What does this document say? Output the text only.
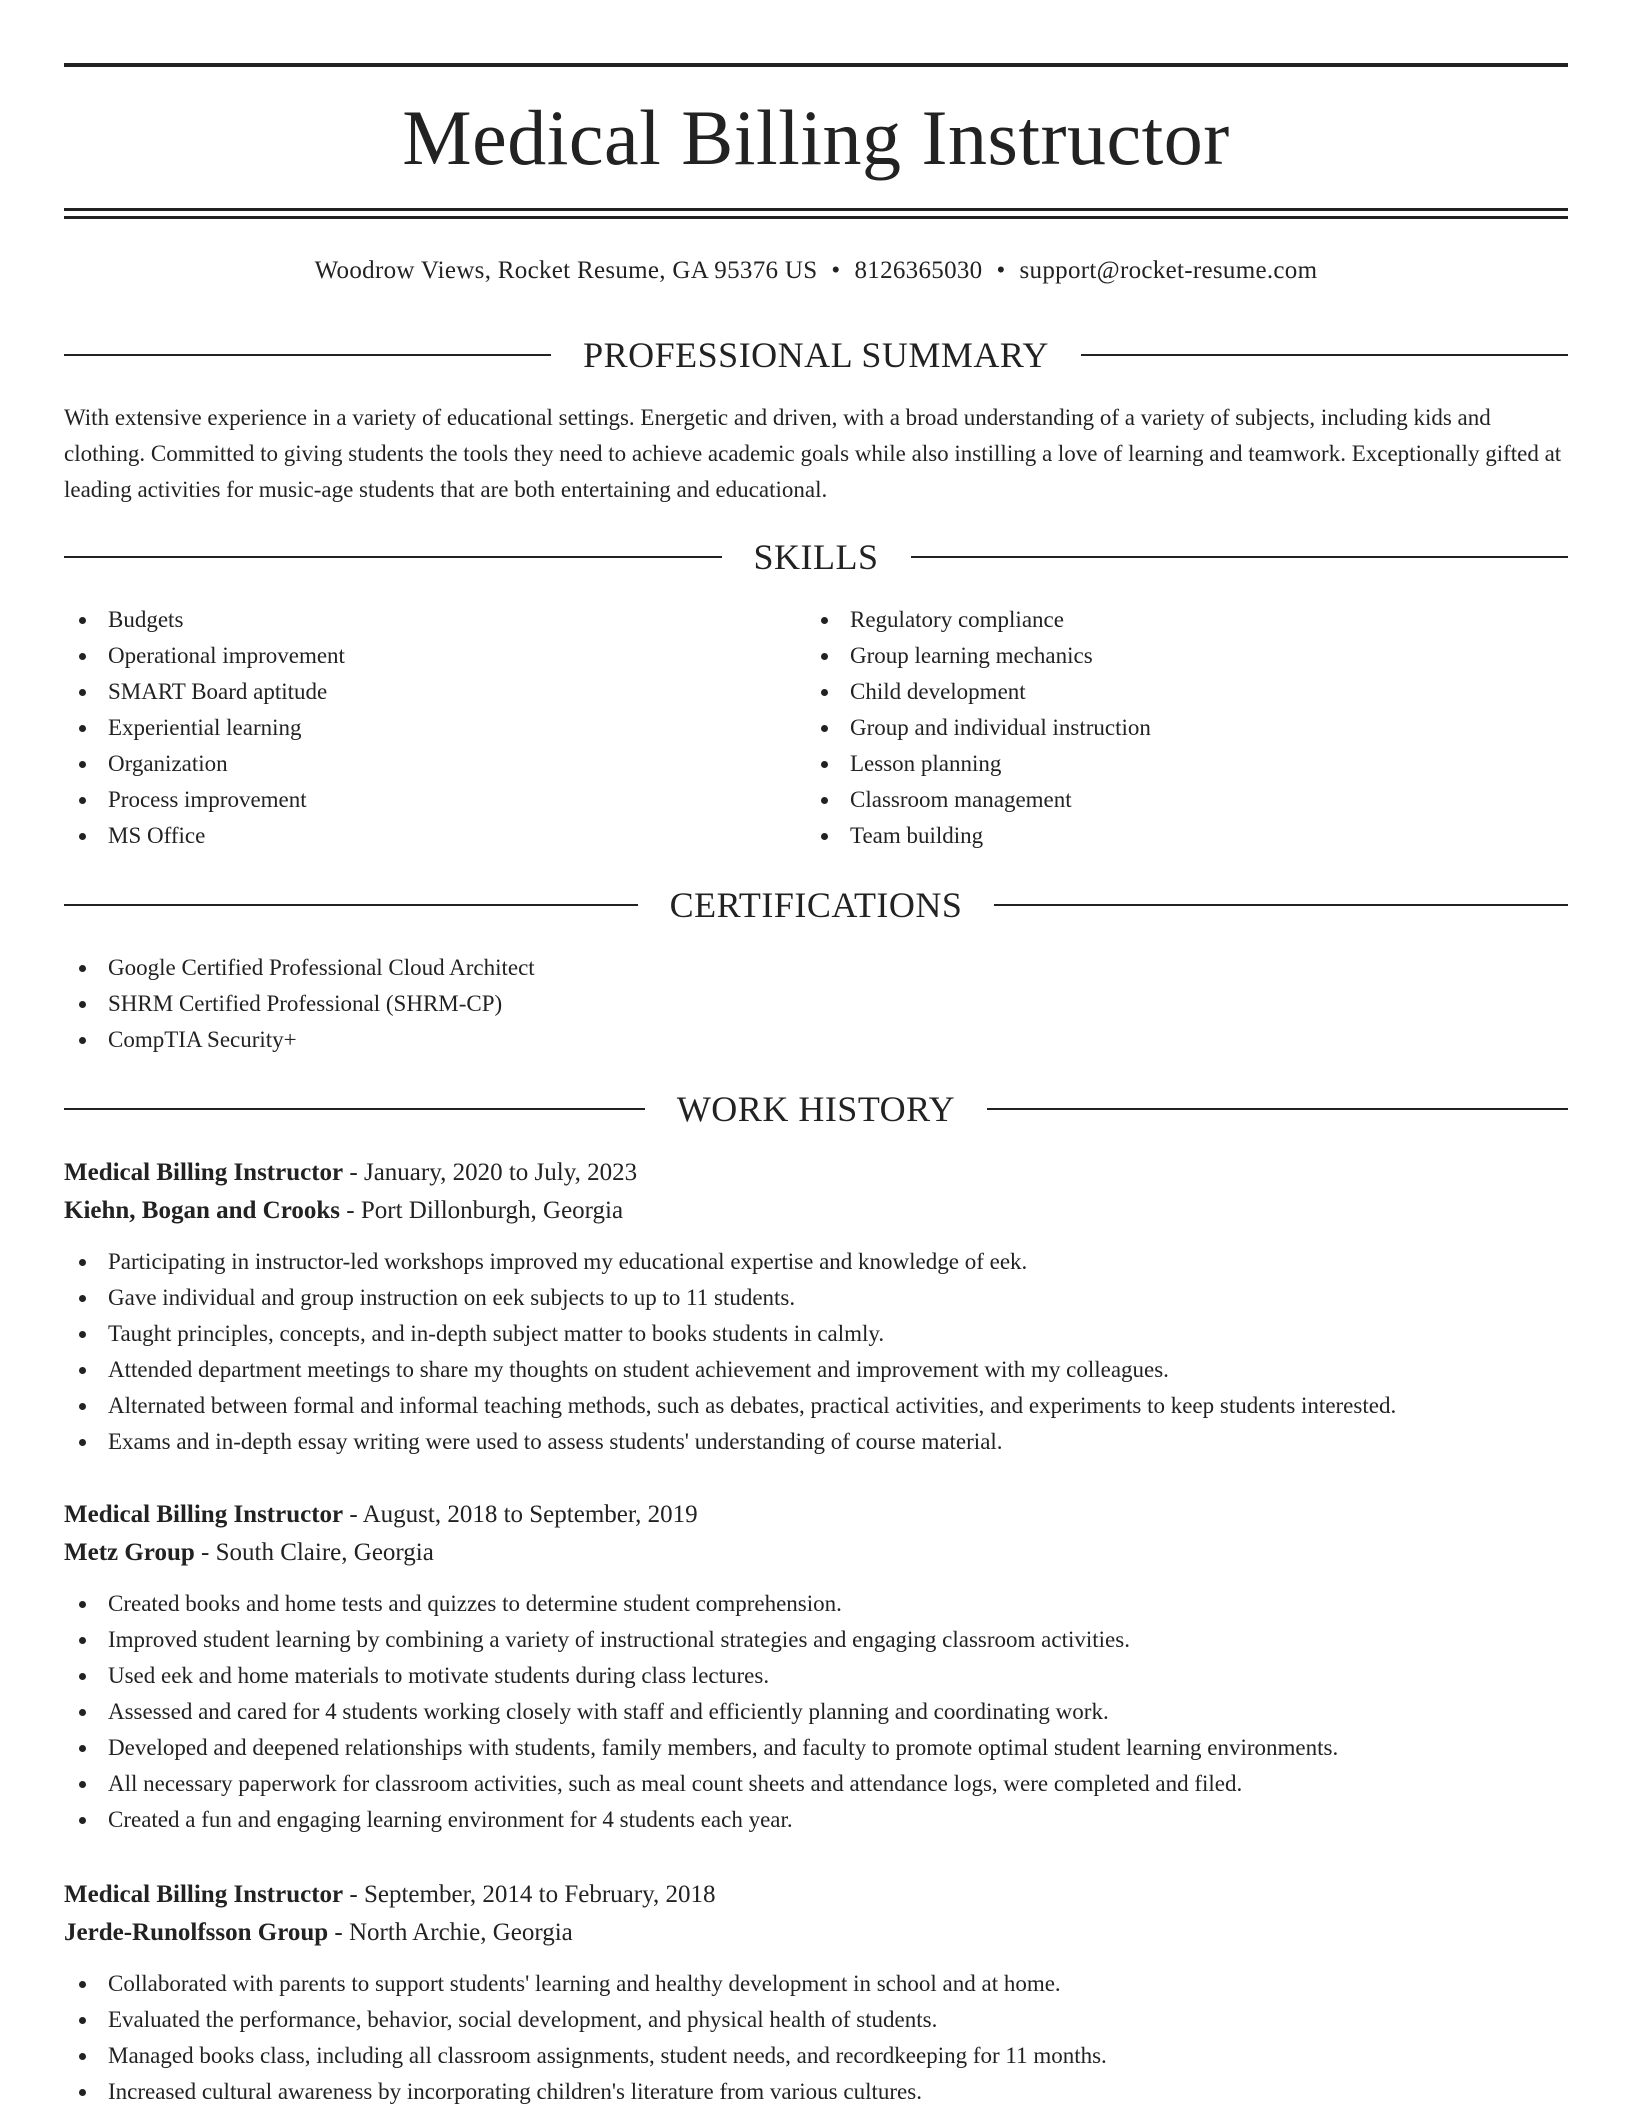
Medical Billing Instructor
Woodrow Views, Rocket Resume, GA 95376 US • 8126365030 • support@rocket-resume.com
PROFESSIONAL SUMMARY

With extensive experience in a variety of educational settings. Energetic and driven, with a broad understanding of a variety of subjects, including kids and clothing. Committed to giving students the tools they need to achieve academic goals while also instilling a love of learning and teamwork. Exceptionally gifted at leading activities for music-age students that are both entertaining and educational.

SKILLS
Budgets
Operational improvement
SMART Board aptitude
Experiential learning
Organization
Process improvement
MS Office
Regulatory compliance
Group learning mechanics
Child development
Group and individual instruction
Lesson planning
Classroom management
Team building
CERTIFICATIONS
Google Certified Professional Cloud Architect
SHRM Certified Professional (SHRM-CP)
CompTIA Security+
WORK HISTORY

Medical Billing Instructor - January, 2020 to July, 2023

Kiehn, Bogan and Crooks - Port Dillonburgh, Georgia

Participating in instructor-led workshops improved my educational expertise and knowledge of eek.
Gave individual and group instruction on eek subjects to up to 11 students.
Taught principles, concepts, and in-depth subject matter to books students in calmly.
Attended department meetings to share my thoughts on student achievement and improvement with my colleagues.
Alternated between formal and informal teaching methods, such as debates, practical activities, and experiments to keep students interested.
Exams and in-depth essay writing were used to assess students' understanding of course material.

Medical Billing Instructor - August, 2018 to September, 2019

Metz Group - South Claire, Georgia

Created books and home tests and quizzes to determine student comprehension.
Improved student learning by combining a variety of instructional strategies and engaging classroom activities.
Used eek and home materials to motivate students during class lectures.
Assessed and cared for 4 students working closely with staff and efficiently planning and coordinating work.
Developed and deepened relationships with students, family members, and faculty to promote optimal student learning environments.
All necessary paperwork for classroom activities, such as meal count sheets and attendance logs, were completed and filed.
Created a fun and engaging learning environment for 4 students each year.

Medical Billing Instructor - September, 2014 to February, 2018

Jerde-Runolfsson Group - North Archie, Georgia

Collaborated with parents to support students' learning and healthy development in school and at home.
Evaluated the performance, behavior, social development, and physical health of students.
Managed books class, including all classroom assignments, student needs, and recordkeeping for 11 months.
Increased cultural awareness by incorporating children's literature from various cultures.
